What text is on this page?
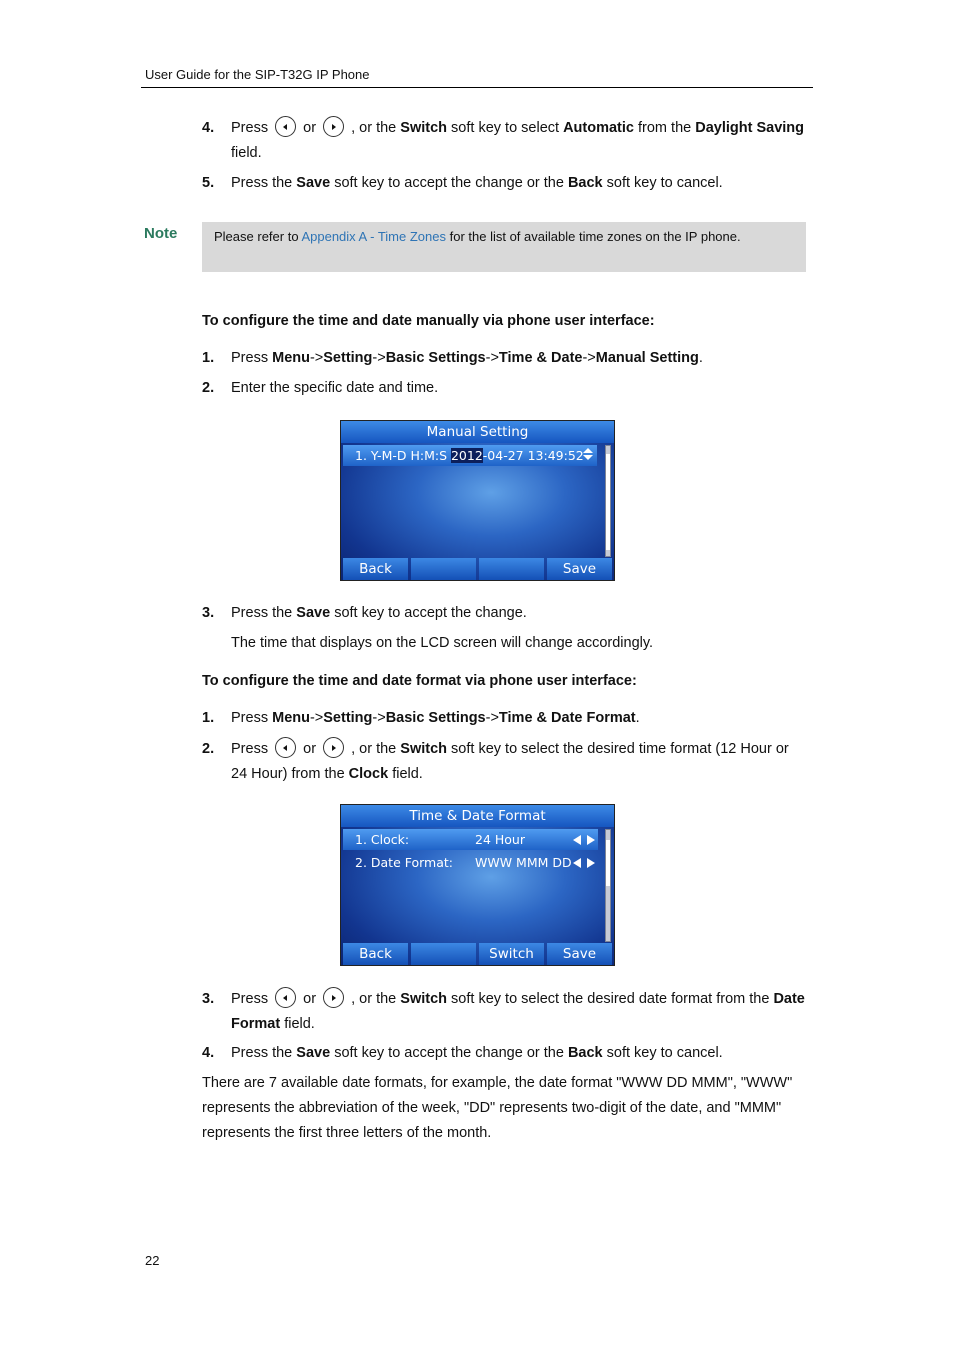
User Guide for the SIP-T32G IP Phone
4. Press or , or the Switch soft key to select Automatic from the Daylight Saving field.
5. Press the Save soft key to accept the change or the Back soft key to cancel.
Note	Please refer to Appendix A - Time Zones for the list of available time zones on the IP phone.
To configure the time and date manually via phone user interface:
1. Press Menu->Setting->Basic Settings->Time & Date->Manual Setting.
2. Enter the specific date and time.
Manual Setting
1. Y-M-D H:M:S 2012-04-27 13:49:52
Back	Save
3. Press the Save soft key to accept the change.
The time that displays on the LCD screen will change accordingly.
To configure the time and date format via phone user interface:
1. Press Menu->Setting->Basic Settings->Time & Date Format.
2. Press or , or the Switch soft key to select the desired time format (12 Hour or 24 Hour) from the Clock field.
Time & Date Format
1. Clock:	24 Hour
2. Date Format: WWW MMM DD
Back	Switch	Save
3. Press or , or the Switch soft key to select the desired date format from the Date Format field.
4. Press the Save soft key to accept the change or the Back soft key to cancel.
There are 7 available date formats, for example, the date format "WWW DD MMM", "WWW" represents the abbreviation of the week, "DD" represents two-digit of the date, and "MMM" represents the first three letters of the month.
22
